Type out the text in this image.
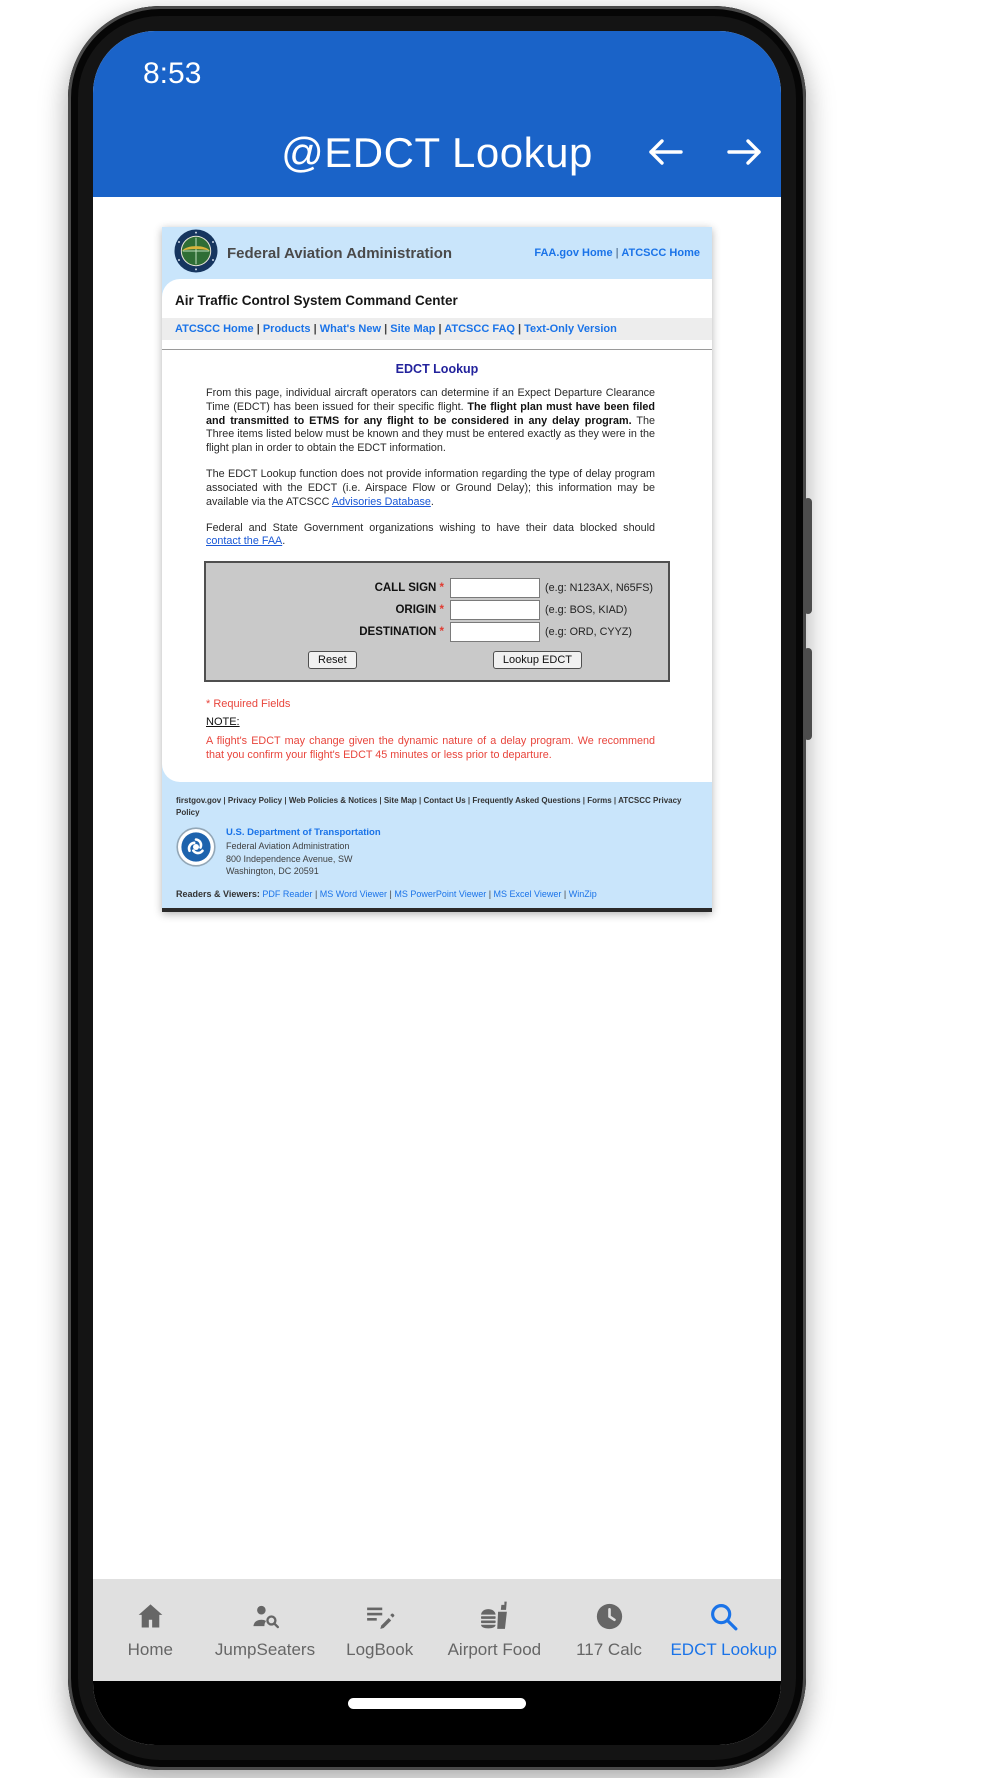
8:53
@EDCT Lookup
Federal Aviation Administration	FAA.gov Home | ATCSCC Home
Air Traffic Control System Command Center
ATCSCC Home | Products | What's New | Site Map | ATCSCC FAQ | Text-Only Version
EDCT Lookup

From this page, individual aircraft operators can determine if an Expect Departure Clearance Time (EDCT) has been issued for their specific flight. The flight plan must have been filed and transmitted to ETMS for any flight to be considered in any delay program. The Three items listed below must be known and they must be entered exactly as they were in the flight plan in order to obtain the EDCT information.

The EDCT Lookup function does not provide information regarding the type of delay program associated with the EDCT (i.e. Airspace Flow or Ground Delay); this information may be available via the ATCSCC Advisories Database.

Federal and State Government organizations wishing to have their data blocked should contact the FAA.

CALL SIGN *	(e.g: N123AX, N65FS)
ORIGIN *	(e.g: BOS, KIAD)
DESTINATION *	(e.g: ORD, CYYZ)
Reset	Lookup EDCT
* Required Fields
NOTE:
A flight's EDCT may change given the dynamic nature of a delay program. We recommend that you confirm your flight's EDCT 45 minutes or less prior to departure.
firstgov.gov | Privacy Policy | Web Policies & Notices | Site Map | Contact Us | Frequently Asked Questions | Forms | ATCSCC Privacy Policy
U.S. Department of Transportation
Federal Aviation Administration
800 Independence Avenue, SW
Washington, DC 20591
Readers & Viewers: PDF Reader | MS Word Viewer | MS PowerPoint Viewer | MS Excel Viewer | WinZip
Home JumpSeaters LogBook Airport Food 117 Calc EDCT Lookup
